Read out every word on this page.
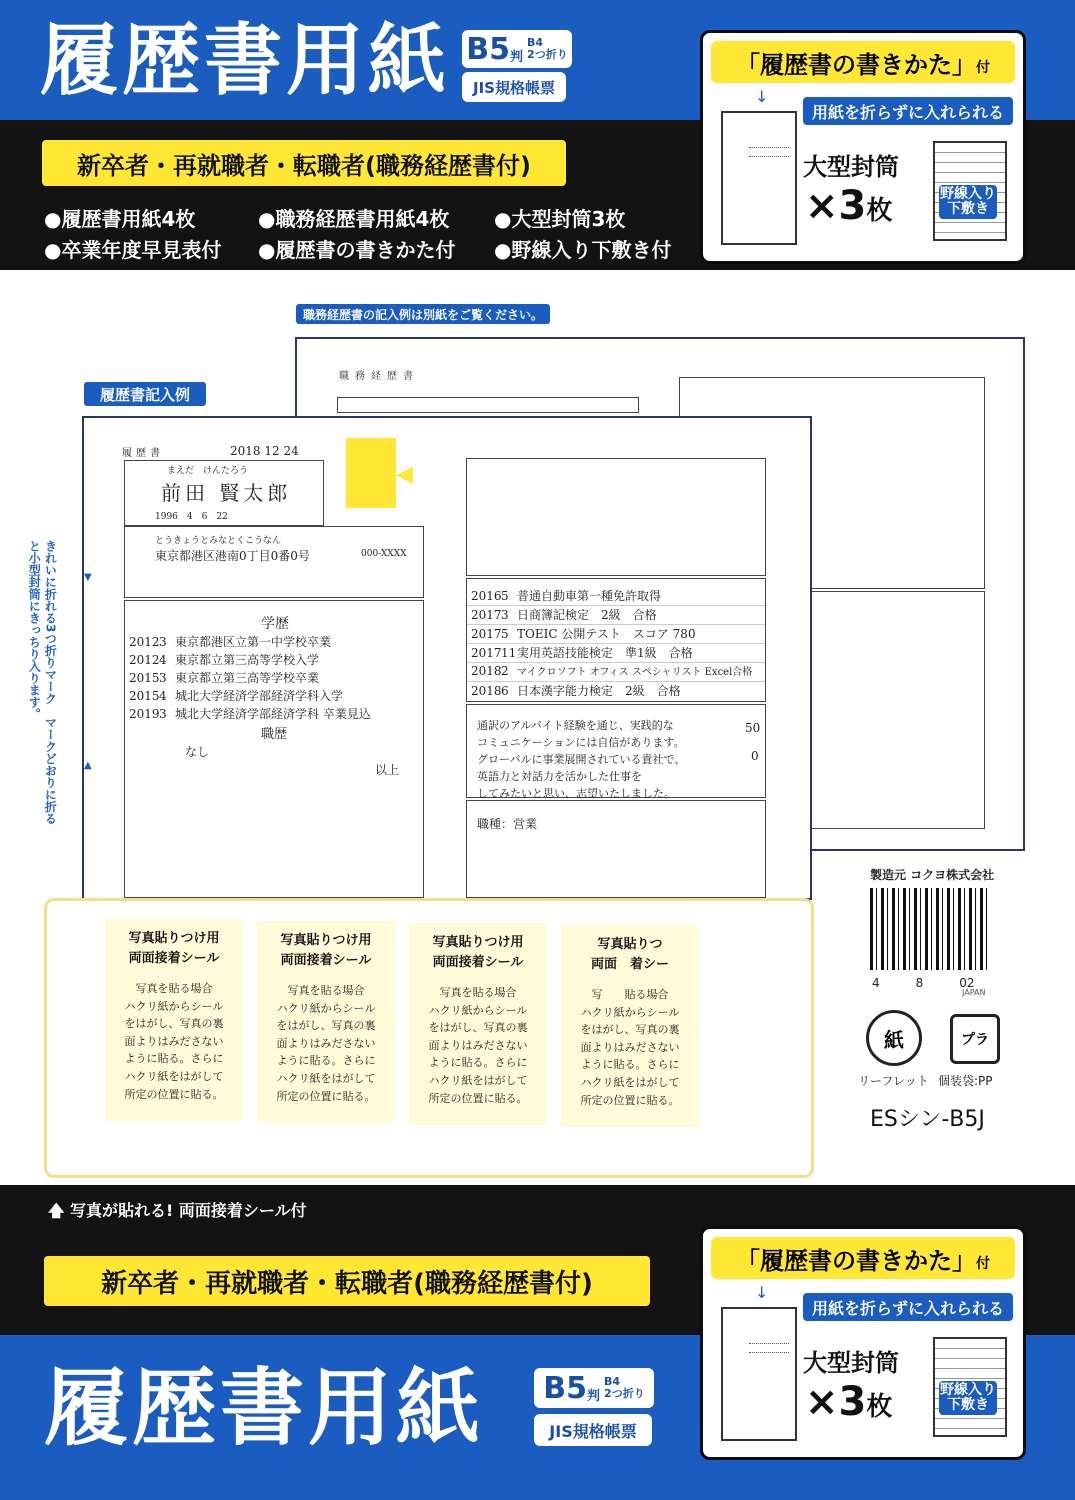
履歴書用紙 B5 判
B4
2つ折り
JIS規格帳票
新卒者・再就職者・転職者(職務経歴書付)
●履歴書用紙4枚	●職務経歴書用紙4枚 ●大型封筒3枚
●卒業年度早見表付 ●履歴書の書きかた付 ●野線入り下敷き付
「履歴書の書きかた」 付
用紙を折らずに入れられる
↓
大型封筒
×3枚
野線入り下敷き
職務経歴書の記入例は別紙をご覧ください。
職務経歴書
履歴書記入例
履歴書	2018 12 24
まえだ　けんたろう
前田 賢太郎
1996　4　6　22
◀
とうきょうとみなとくこうなん
東京都港区港南0丁目0番0号	000-XXXX
学歴
20123 東京都港区立第一中学校卒業
20124 東京都立第三高等学校入学
20153 東京都立第三高等学校卒業
20154 城北大学経済学部経済学科入学
20193 城北大学経済学部経済学科 卒業見込
職歴
なし
以上
20165 普通自動車第一種免許取得
20173 日商簿記検定　2級　合格
20175 TOEIC 公開テスト　スコア 780
201711実用英語技能検定　準1級　合格
20182 マイクロソフト オフィス スペシャリスト Excel合格
20186 日本漢字能力検定　2級　合格
通訳のアルバイト経験を通じ、実践的な
コミュニケーションには自信があります。
グローバルに事業展開されている貴社で、
英語力と対話力を活かした仕事を
してみたいと思い、志望いたしました。
50
0
職種：営業
▼
▲
きれいに折れる3つ折りマーク　マークどおりに折ると小型封筒にきっちり入ります。
写真貼りつけ用
両面接着シール
写真を貼る場合
ハクリ紙からシール
をはがし、写真の裏
面よりはみださない
ように貼る。さらに
ハクリ紙をはがして
所定の位置に貼る。
写真貼りつけ用
両面接着シール
写真を貼る場合
ハクリ紙からシール
をはがし、写真の裏
面よりはみださない
ように貼る。さらに
ハクリ紙をはがして
所定の位置に貼る。
写真貼りつけ用
両面接着シール
写真を貼る場合
ハクリ紙からシール
をはがし、写真の裏
面よりはみださない
ように貼る。さらに
ハクリ紙をはがして
所定の位置に貼る。
写真貼りつ
両面　着シー
写　　貼る場合
ハクリ紙からシール
をはがし、写真の裏
面よりはみださない
ように貼る。さらに
ハクリ紙をはがして
所定の位置に貼る。
製造元 コクヨ株式会社
4　　　8　　　02
JAPAN
紙	プラ
リーフレット 個装袋:PP
ESシン-B5J
🡅 写真が貼れる! 両面接着シール付
新卒者・再就職者・転職者(職務経歴書付)
履歴書用紙 B5 判
B4
2つ折り
JIS規格帳票
「履歴書の書きかた」 付
用紙を折らずに入れられる
↓
大型封筒
×3枚
野線入り下敷き
